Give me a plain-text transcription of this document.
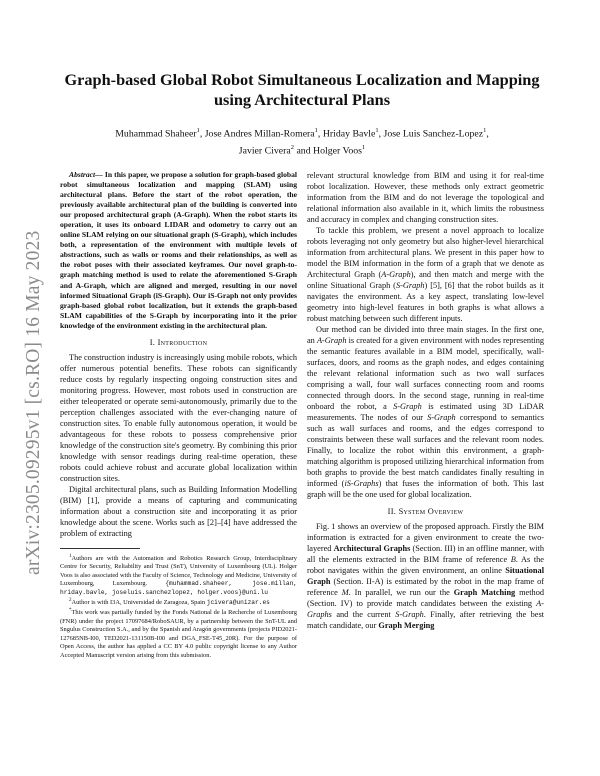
arXiv:2305.09295v1 [cs.RO] 16 May 2023
Graph-based Global Robot Simultaneous Localization and Mapping using Architectural Plans
Muhammad Shaheer$^1$, Jose Andres Millan-Romera$^1$, Hriday Bavle$^1$, Jose Luis Sanchez-Lopez$^1$,
Javier Civera$^2$ and Holger Voos$^1$

Abstract— In this paper, we propose a solution for graph-based global robot simultaneous localization and mapping (SLAM) using architectural plans. Before the start of the robot operation, the previously available architectural plan of the building is converted into our proposed architectural graph (A-Graph). When the robot starts its operation, it uses its onboard LIDAR and odometry to carry out an online SLAM relying on our situational graph (S-Graph), which includes both, a representation of the environment with multiple levels of abstractions, such as walls or rooms and their relationships, as well as the robot poses with their associated keyframes. Our novel graph-to-graph matching method is used to relate the aforementioned S-Graph and A-Graph, which are aligned and merged, resulting in our novel informed Situational Graph (iS-Graph). Our iS-Graph not only provides graph-based global robot localization, but it extends the graph-based SLAM capabilities of the S-Graph by incorporating into it the prior knowledge of the environment existing in the architectural plan.

I. Introduction

The construction industry is increasingly using mobile robots, which offer numerous potential benefits. These robots can significantly reduce costs by regularly inspecting ongoing construction sites and monitoring progress. However, most robots used in construction are either teleoperated or operate semi-autonomously, primarily due to the perception challenges associated with the ever-changing nature of construction sites. To enable fully autonomous operation, it would be advantageous for these robots to possess comprehensive prior knowledge of the construction site's geometry. By combining this prior knowledge with sensor readings during real-time operation, these robots could achieve robust and accurate global localization within construction sites.

Digital architectural plans, such as Building Information Modelling (BIM) [1], provide a means of capturing and communicating information about a construction site and incorporating it as prior knowledge about the scene. Works such as [2]–[4] have addressed the problem of extracting

$^1$Authors are with the Automation and Robotics Research Group, Interdisciplinary Centre for Security, Reliability and Trust (SnT), University of Luxembourg (UL). Holger Voos is also associated with the Faculty of Science, Technology and Medicine, University of Luxembourg, Luxembourg.	{muhammad.shaheer, jose.millan, hriday.bavle, joseluis.sanchezlopez, holger.voos}@uni.lu

$^2$Author is with I3A, Universidad de Zaragoza, Spain jcivera@unizar.es

*This work was partially funded by the Fonds National de la Recherche of Luxembourg (FNR) under the project 17097684/RoboSAUR, by a partnership between the SnT-UL and Sngulus Construction S.A., and by the Spanish and Aragón governments (projects PID2021-127685NB-I00, TED2021-131150B-I00 and DGA_FSE-T45_20R). For the purpose of Open Access, the author has applied a CC BY 4.0 public copyright license to any Author Accepted Manuscript version arising from this submission.

relevant structural knowledge from BIM and using it for real-time robot localization. However, these methods only extract geometric information from the BIM and do not leverage the topological and relational information also available in it, which limits the robustness and accuracy in complex and changing construction sites.

To tackle this problem, we present a novel approach to localize robots leveraging not only geometry but also higher-level hierarchical information from architectural plans. We present in this paper how to model the BIM information in the form of a graph that we denote as Architectural Graph (A-Graph), and then match and merge with the online Situational Graph (S-Graph) [5], [6] that the robot builds as it navigates the environment. As a key aspect, translating low-level geometry into high-level features in both graphs is what allows a robust matching between such different inputs.

Our method can be divided into three main stages. In the first one, an A-Graph is created for a given environment with nodes representing the semantic features available in a BIM model, specifically, wall-surfaces, doors, and rooms as the graph nodes, and edges containing the relevant relational information such as two wall surfaces comprising a wall, four wall surfaces connecting room and rooms connected through doors. In the second stage, running in real-time onboard the robot, a S-Graph is estimated using 3D LiDAR measurements. The nodes of our S-Graph correspond to semantics such as wall surfaces and rooms, and the edges correspond to constraints between these wall surfaces and the relevant room nodes. Finally, to localize the robot within this environment, a graph-matching algorithm is proposed utilizing hierarchical information from both graphs to provide the best match candidates finally resulting in informed (iS-Graphs) that fuses the information of both. This last graph will be the one used for global localization.

II. System Overview

Fig. 1 shows an overview of the proposed approach. Firstly the BIM information is extracted for a given environment to create the two-layered Architectural Graphs (Section. III) in an offline manner, with all the elements extracted in the BIM frame of reference B. As the robot navigates within the given environment, an online Situational Graph (Section. II-A) is estimated by the robot in the map frame of reference M. In parallel, we run our the Graph Matching method (Section. IV) to provide match candidates between the existing A-Graphs and the current S-Graph. Finally, after retrieving the best match candidate, our Graph Merging
